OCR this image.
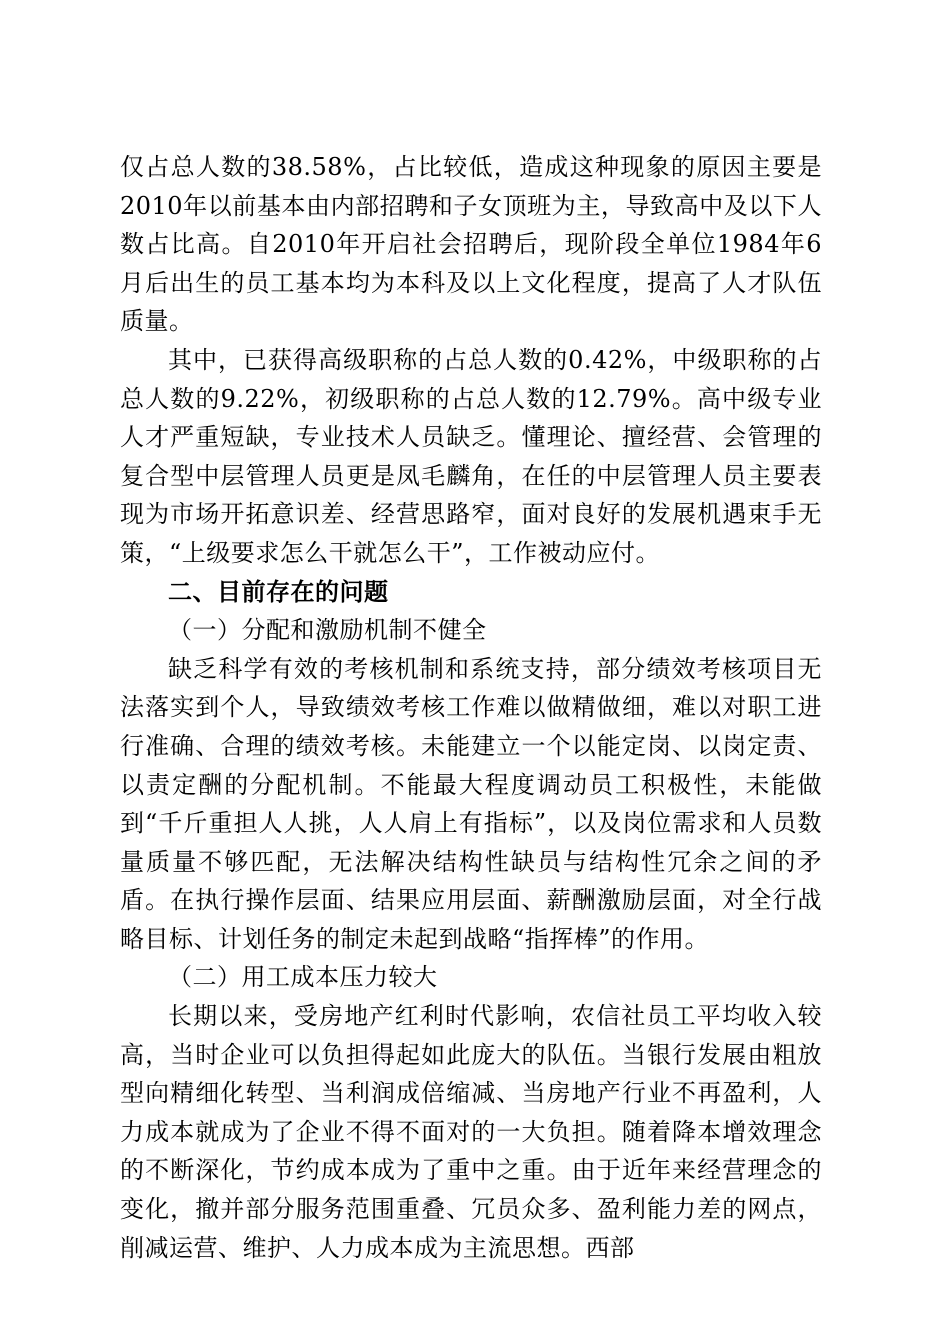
仅占总人数的38.58%，占比较低，造成这种现象的原因主要是2010年以前基本由内部招聘和子女顶班为主，导致高中及以下人数占比高。自2010年开启社会招聘后，现阶段全单位1984年6月后出生的员工基本均为本科及以上文化程度，提高了人才队伍质量。

其中，已获得高级职称的占总人数的0.42%，中级职称的占总人数的9.22%，初级职称的占总人数的12.79%。高中级专业人才严重短缺，专业技术人员缺乏。懂理论、擅经营、会管理的复合型中层管理人员更是凤毛麟角，在任的中层管理人员主要表现为市场开拓意识差、经营思路窄，面对良好的发展机遇束手无策，“上级要求怎么干就怎么干”，工作被动应付。

二、目前存在的问题

（一）分配和激励机制不健全

缺乏科学有效的考核机制和系统支持，部分绩效考核项目无法落实到个人，导致绩效考核工作难以做精做细，难以对职工进行准确、合理的绩效考核。未能建立一个以能定岗、以岗定责、以责定酬的分配机制。不能最大程度调动员工积极性，未能做到“千斤重担人人挑，人人肩上有指标”，以及岗位需求和人员数量质量不够匹配，无法解决结构性缺员与结构性冗余之间的矛盾。在执行操作层面、结果应用层面、薪酬激励层面，对全行战略目标、计划任务的制定未起到战略“指挥棒”的作用。

（二）用工成本压力较大

长期以来，受房地产红利时代影响，农信社员工平均收入较高，当时企业可以负担得起如此庞大的队伍。当银行发展由粗放型向精细化转型、当利润成倍缩减、当房地产行业不再盈利，人力成本就成为了企业不得不面对的一大负担。随着降本增效理念的不断深化，节约成本成为了重中之重。由于近年来经营理念的变化，撤并部分服务范围重叠、冗员众多、盈利能力差的网点，削减运营、维护、人力成本成为主流思想。西部
